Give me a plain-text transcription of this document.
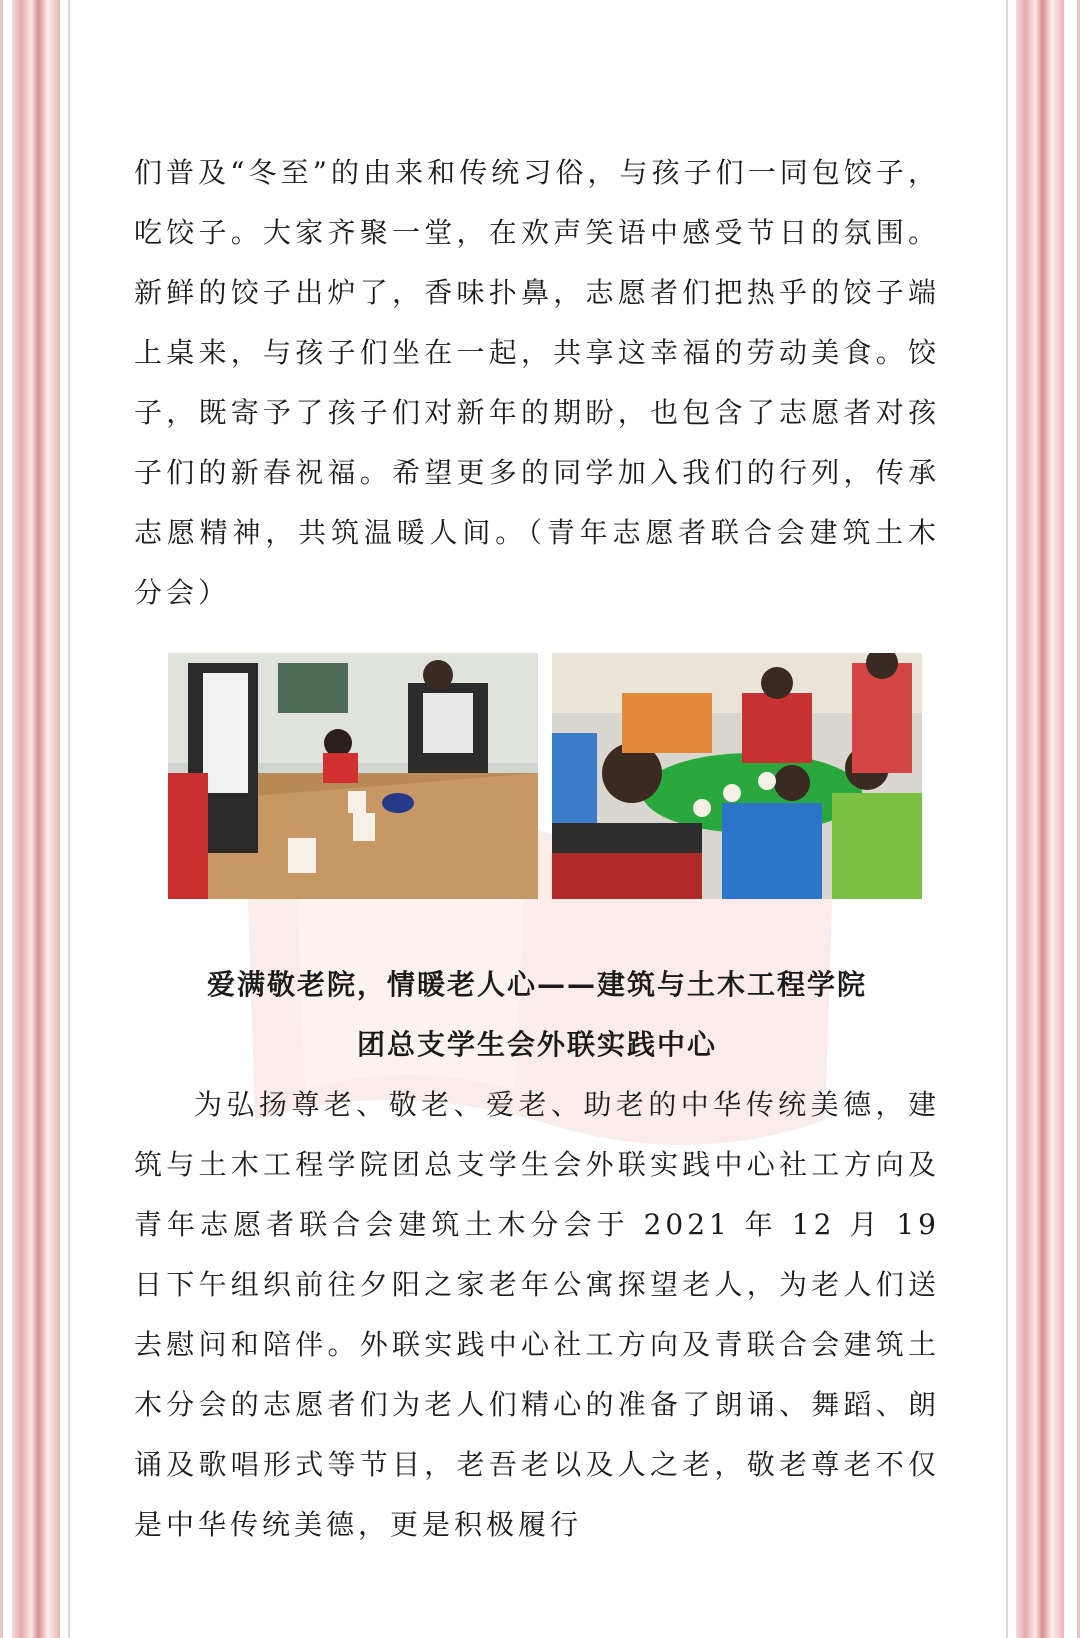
们普及“冬至”的由来和传统习俗，与孩子们一同包饺子，吃饺子。大家齐聚一堂，在欢声笑语中感受节日的氛围。新鲜的饺子出炉了，香味扑鼻，志愿者们把热乎的饺子端上桌来，与孩子们坐在一起，共享这幸福的劳动美食。饺子，既寄予了孩子们对新年的期盼，也包含了志愿者对孩子们的新春祝福。希望更多的同学加入我们的行列，传承志愿精神，共筑温暖人间。（青年志愿者联合会建筑土木分会）

爱满敬老院，情暖老人心——建筑与土木工程学院

团总支学生会外联实践中心

为弘扬尊老、敬老、爱老、助老的中华传统美德，建筑与土木工程学院团总支学生会外联实践中心社工方向及青年志愿者联合会建筑土木分会于 2021 年 12 月 19 日下午组织前往夕阳之家老年公寓探望老人，为老人们送去慰问和陪伴。外联实践中心社工方向及青联合会建筑土木分会的志愿者们为老人们精心的准备了朗诵、舞蹈、朗诵及歌唱形式等节目，老吾老以及人之老，敬老尊老不仅是中华传统美德，更是积极履行
